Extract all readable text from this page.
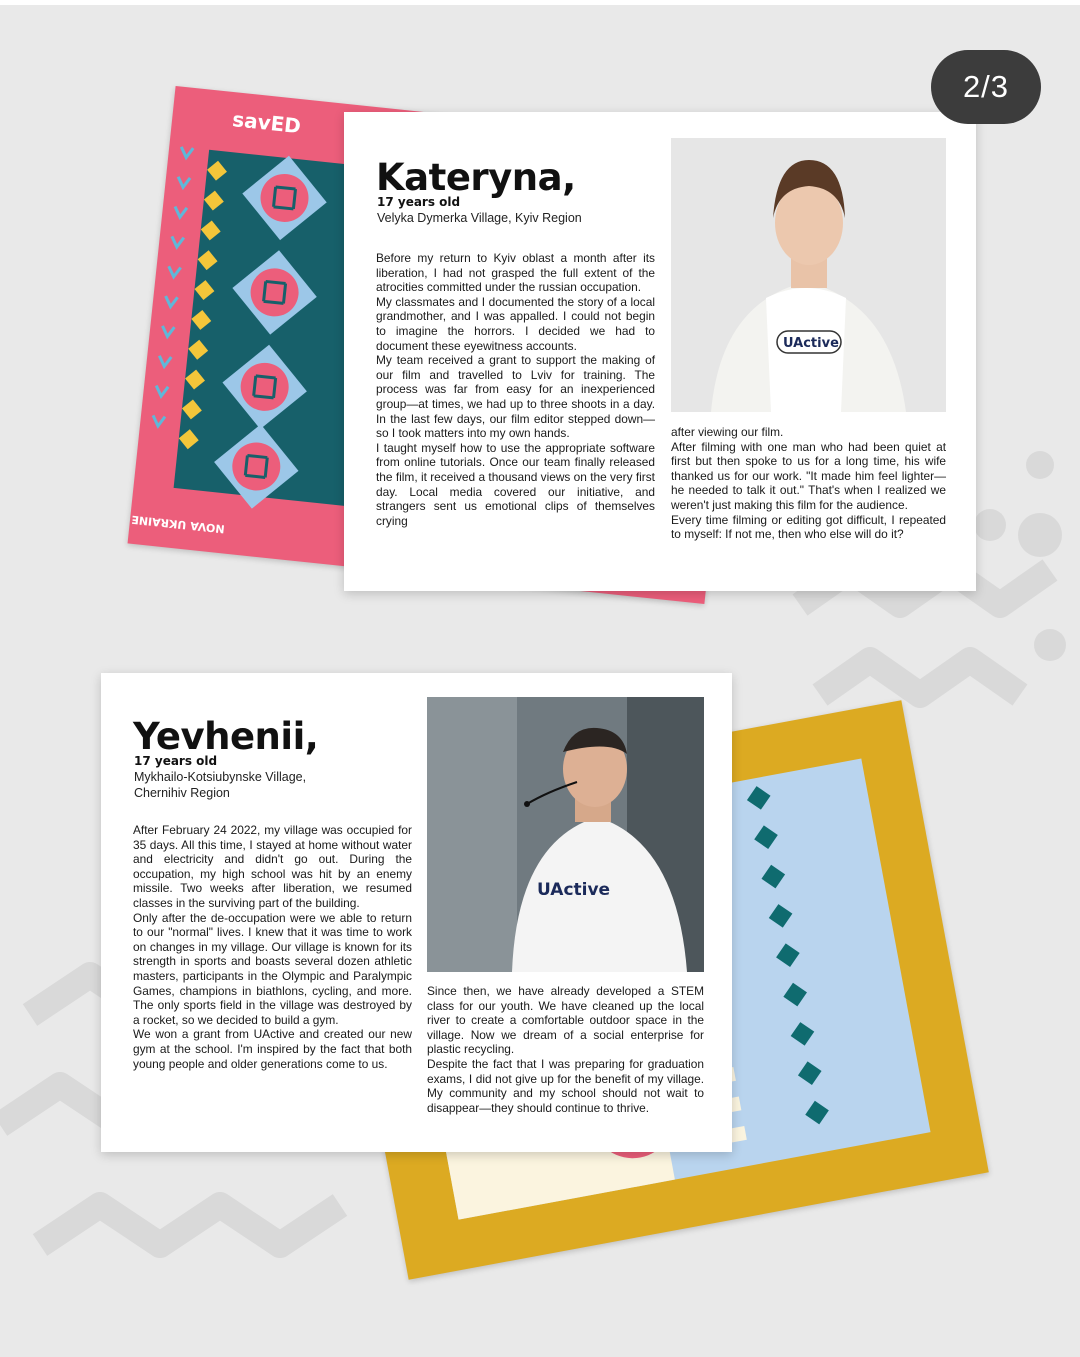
savED
NOVA UKRAINE
Kateryna,
17 years old
Velyka Dymerka Village, Kyiv Region

Before my return to Kyiv oblast a month after its liberation, I had not grasped the full extent of the atrocities committed under the russian occupation.

My classmates and I documented the story of a local grandmother, and I was appalled. I could not begin to imagine the horrors. I decided we had to document these eyewitness accounts.

My team received a grant to support the making of our film and travelled to Lviv for training. The process was far from easy for an inexperienced group—at times, we had up to three shoots in a day. In the last few days, our film editor stepped down—so I took matters into my own hands.

I taught myself how to use the appropriate software from online tutorials. Once our team finally released the film, it received a thousand views on the very first day. Local media covered our initiative, and strangers sent us emotional clips of themselves crying

UActive

after viewing our film.

After filming with one man who had been quiet at first but then spoke to us for a long time, his wife thanked us for our work. "It made him feel lighter—he needed to talk it out." That's when I realized we weren't just making this film for the audience.

Every time filming or editing got difficult, I repeated to myself: If not me, then who else will do it?

Yevhenii,
17 years old
Mykhailo-Kotsiubynske Village,
Chernihiv Region

After February 24 2022, my village was occupied for 35 days. All this time, I stayed at home without water and electricity and didn't go out. During the occupation, my high school was hit by an enemy missile. Two weeks after liberation, we resumed classes in the surviving part of the building.

Only after the de-occupation were we able to return to our "normal" lives. I knew that it was time to work on changes in my village. Our village is known for its strength in sports and boasts several dozen athletic masters, participants in the Olympic and Paralympic Games, champions in biathlons, cycling, and more. The only sports field in the village was destroyed by a rocket, so we decided to build a gym.

We won a grant from UActive and created our new gym at the school. I'm inspired by the fact that both young people and older generations come to us.

UActive

Since then, we have already developed a STEM class for our youth. We have cleaned up the local river to create a comfortable outdoor space in the village. Now we dream of a social enterprise for plastic recycling.

Despite the fact that I was preparing for graduation exams, I did not give up for the benefit of my village. My community and my school should not wait to disappear—they should continue to thrive.

2/3
